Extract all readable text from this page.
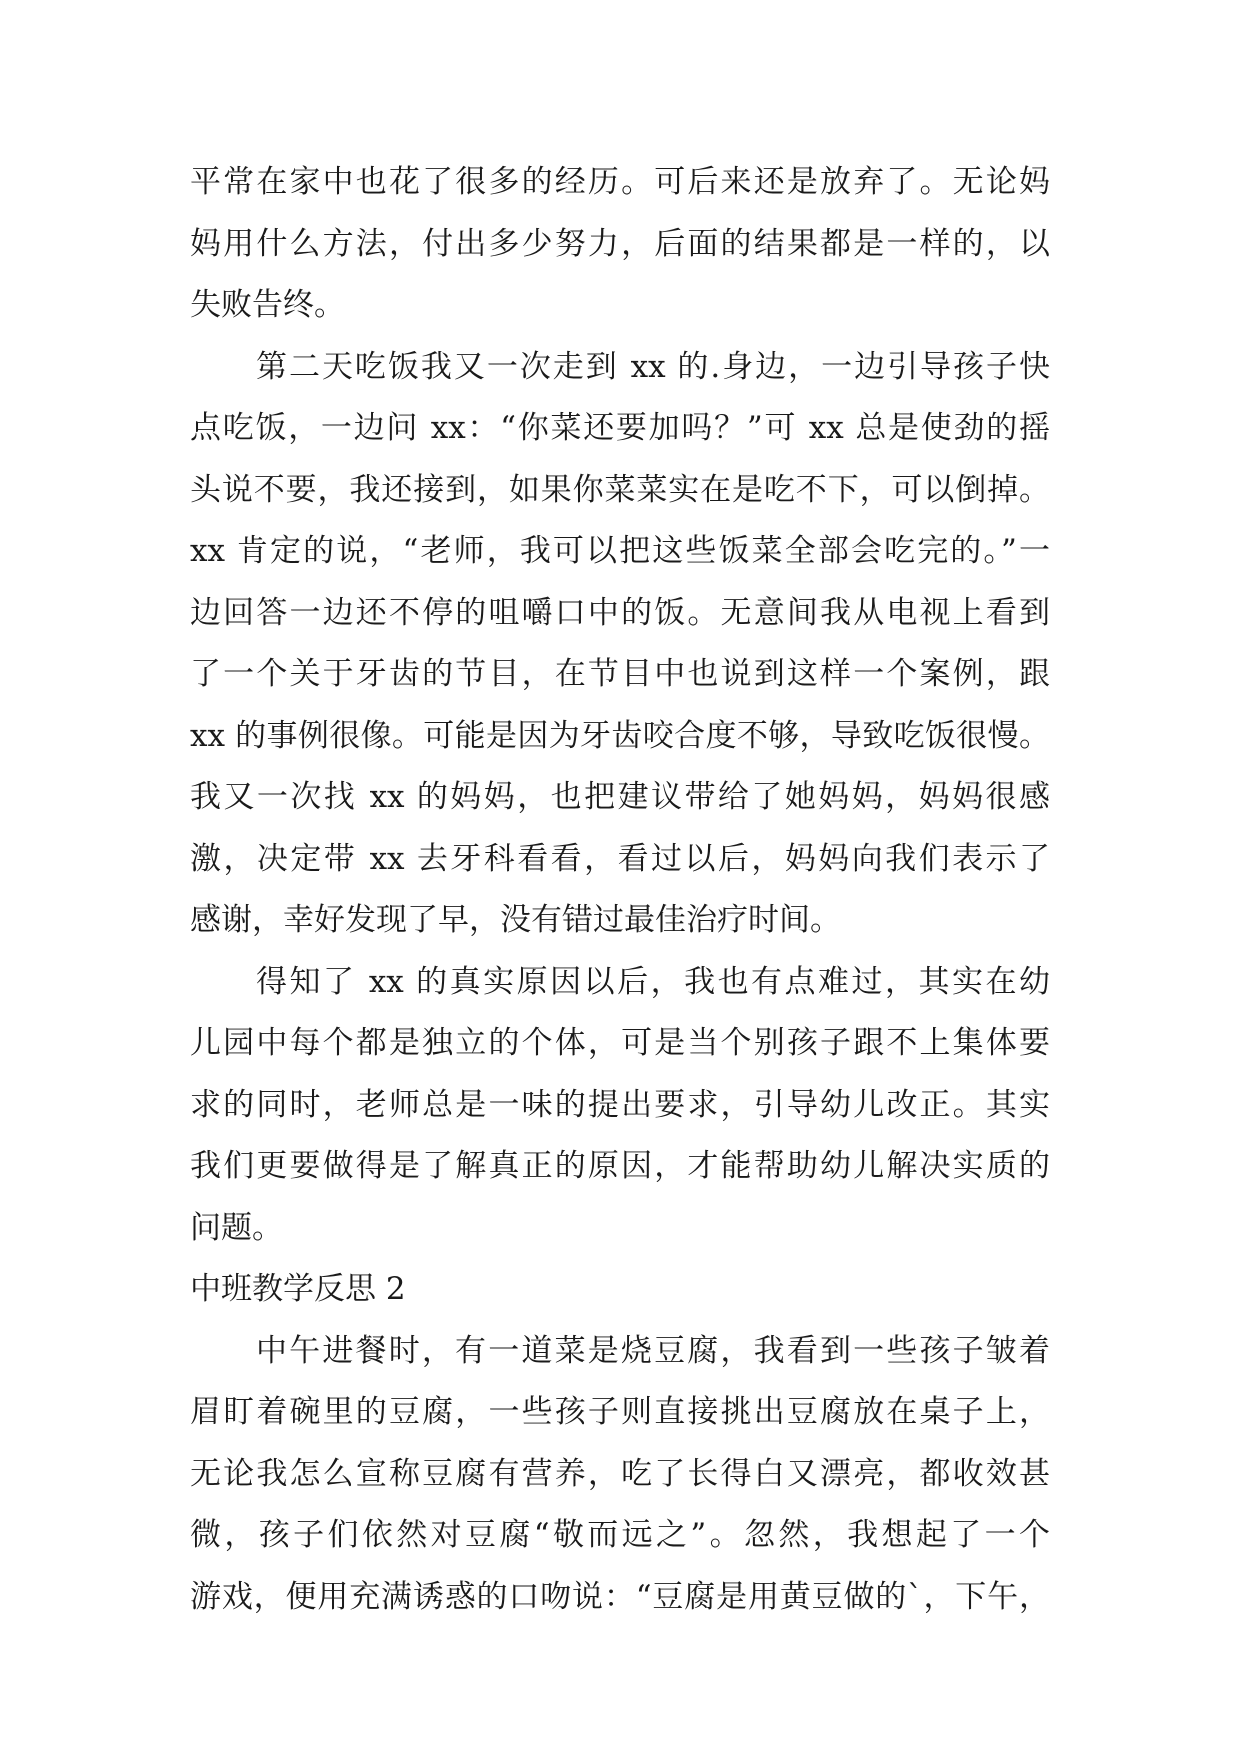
平常在家中也花了很多的经历。可后来还是放弃了。无论妈
妈用什么方法，付出多少努力，后面的结果都是一样的，以
失败告终。
第二天吃饭我又一次走到 xx 的.身边，一边引导孩子快
点吃饭，一边问 xx：“你菜还要加吗？”可 xx 总是使劲的摇
头说不要，我还接到，如果你菜菜实在是吃不下，可以倒掉。
xx 肯定的说，“老师，我可以把这些饭菜全部会吃完的。”一
边回答一边还不停的咀嚼口中的饭。无意间我从电视上看到
了一个关于牙齿的节目，在节目中也说到这样一个案例，跟
xx 的事例很像。可能是因为牙齿咬合度不够，导致吃饭很慢。
我又一次找 xx 的妈妈，也把建议带给了她妈妈，妈妈很感
激，决定带 xx 去牙科看看，看过以后，妈妈向我们表示了
感谢，幸好发现了早，没有错过最佳治疗时间。
得知了 xx 的真实原因以后，我也有点难过，其实在幼
儿园中每个都是独立的个体，可是当个别孩子跟不上集体要
求的同时，老师总是一味的提出要求，引导幼儿改正。其实
我们更要做得是了解真正的原因，才能帮助幼儿解决实质的
问题。
中班教学反思 2
中午进餐时，有一道菜是烧豆腐，我看到一些孩子皱着
眉盯着碗里的豆腐，一些孩子则直接挑出豆腐放在桌子上，
无论我怎么宣称豆腐有营养，吃了长得白又漂亮，都收效甚
微，孩子们依然对豆腐“敬而远之”。忽然，我想起了一个
游戏，便用充满诱惑的口吻说：“豆腐是用黄豆做的`，下午，
